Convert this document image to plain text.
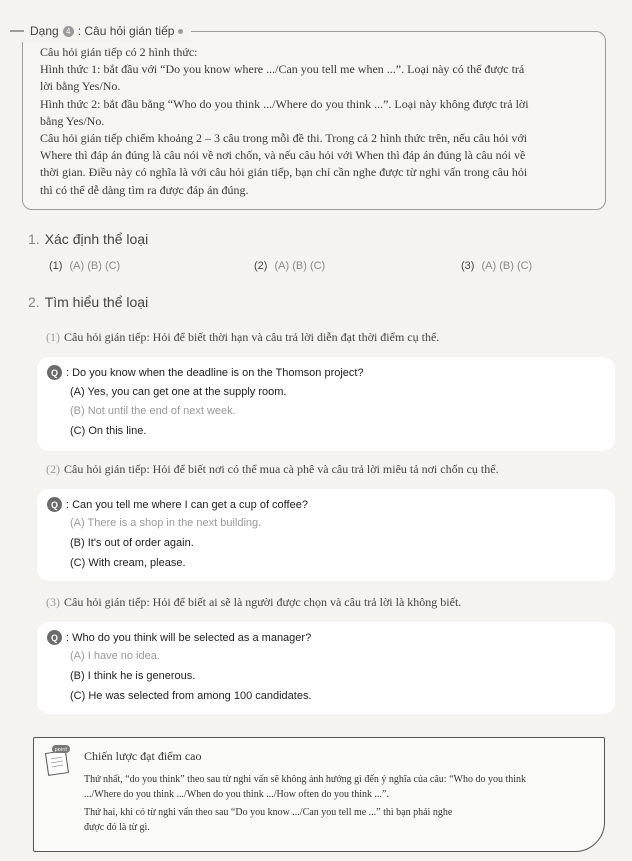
Dạng 4 : Câu hỏi gián tiếp

Câu hỏi gián tiếp có 2 hình thức:

Hình thức 1: bắt đầu với “Do you know where .../Can you tell me when ...”. Loại này có thể được trả

lời bằng Yes/No.

Hình thức 2: bắt đầu bằng “Who do you think .../Where do you think ...”. Loại này không được trả lời

bằng Yes/No.

Câu hỏi gián tiếp chiếm khoảng 2 – 3 câu trong mỗi đề thi. Trong cả 2 hình thức trên, nếu câu hỏi với

Where thì đáp án đúng là câu nói về nơi chốn, và nếu câu hỏi với When thì đáp án đúng là câu nói về

thời gian. Điều này có nghĩa là với câu hỏi gián tiếp, bạn chỉ cần nghe được từ nghi vấn trong câu hỏi

thì có thể dễ dàng tìm ra được đáp án đúng.

1. Xác định thể loại
(1) (A) (B) (C)	(2) (A) (B) (C)	(3) (A) (B) (C)
2. Tìm hiểu thể loại
(1) Câu hỏi gián tiếp: Hỏi để biết thời hạn và câu trả lời diễn đạt thời điểm cụ thể.
Q : Do you know when the deadline is on the Thomson project?
(A) Yes, you can get one at the supply room.
(B) Not until the end of next week.
(C) On this line.
(2) Câu hỏi gián tiếp: Hỏi để biết nơi có thể mua cà phê và câu trả lời miêu tả nơi chốn cụ thể.
Q : Can you tell me where I can get a cup of coffee?
(A) There is a shop in the next building.
(B) It's out of order again.
(C) With cream, please.
(3) Câu hỏi gián tiếp: Hỏi để biết ai sẽ là người được chọn và câu trả lời là không biết.
Q : Who do you think will be selected as a manager?
(A) I have no idea.
(B) I think he is generous.
(C) He was selected from among 100 candidates.
point Chiến lược đạt điểm cao

Thứ nhất, “do you think” theo sau từ nghi vấn sẽ không ảnh hưởng gì đến ý nghĩa của câu: “Who do you think
.../Where do you think .../When do you think .../How often do you think ...”.

Thứ hai, khi có từ nghi vấn theo sau “Do you know .../Can you tell me ...” thì bạn phải nghe
được đó là từ gì.
